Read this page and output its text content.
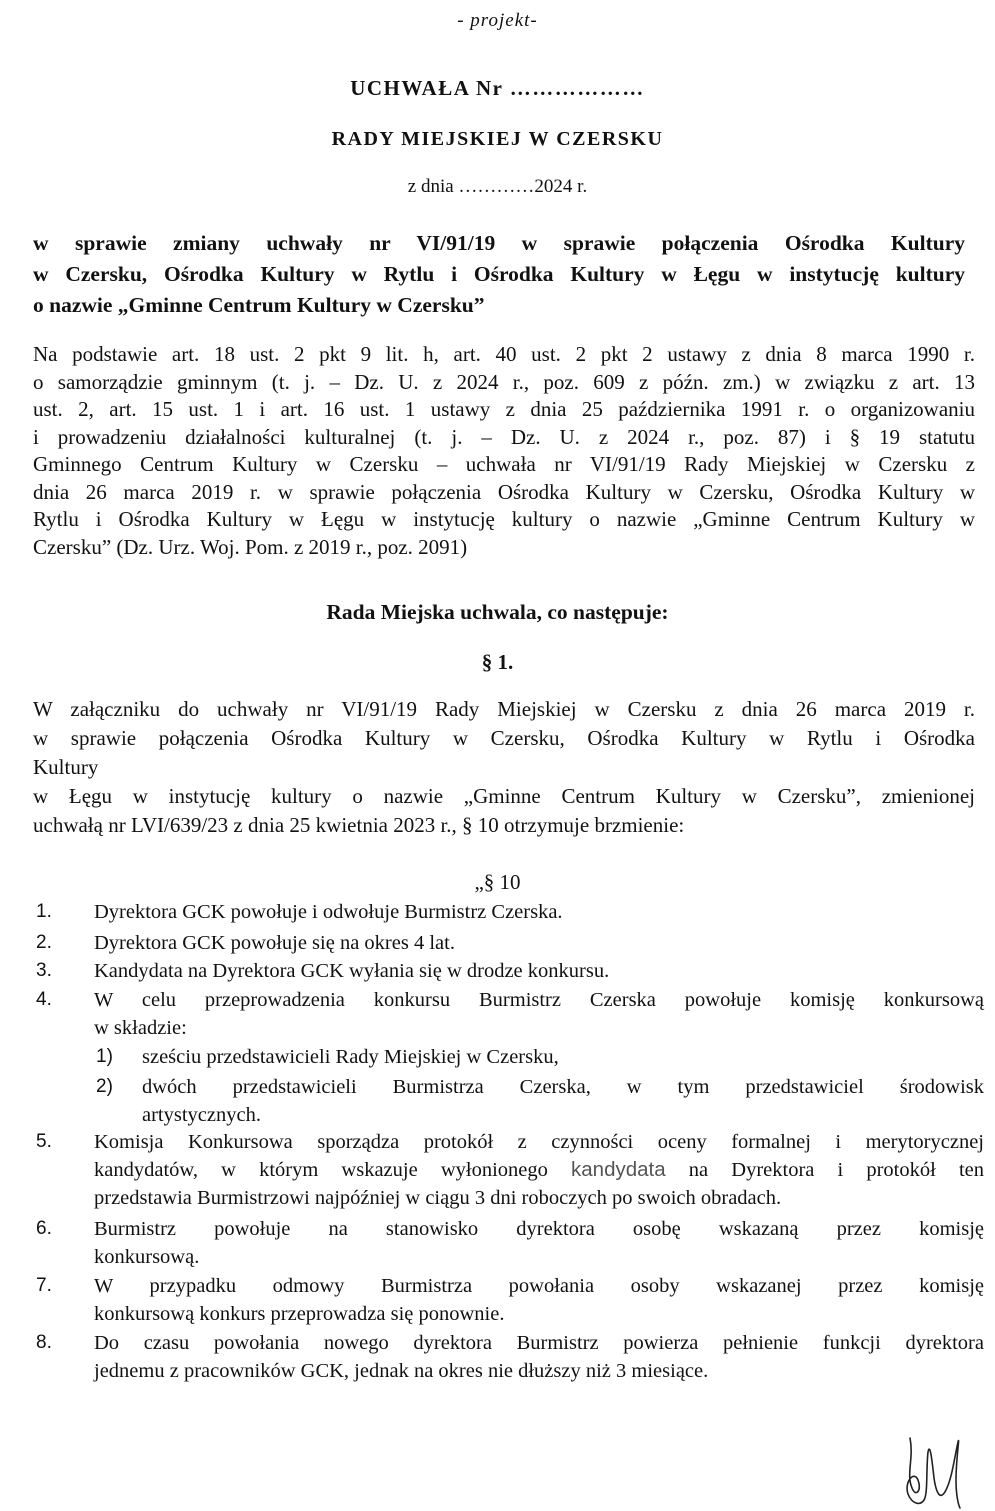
- projekt-
UCHWAŁA Nr ………………
RADY MIEJSKIEJ W CZERSKU
z dnia …………2024 r.
w sprawie zmiany uchwały nr VI/91/19 w sprawie połączenia Ośrodka Kultury
w Czersku, Ośrodka Kultury w Rytlu i Ośrodka Kultury w Łęgu w instytucję kultury
o nazwie „Gminne Centrum Kultury w Czersku”
Na podstawie art. 18 ust. 2 pkt 9 lit. h, art. 40 ust. 2 pkt 2 ustawy z dnia 8 marca 1990 r.
o samorządzie gminnym (t. j. – Dz. U. z 2024 r., poz. 609 z późn. zm.) w związku z art. 13
ust. 2, art. 15 ust. 1 i art. 16 ust. 1 ustawy z dnia 25 października 1991 r. o organizowaniu
i prowadzeniu działalności kulturalnej (t. j. – Dz. U. z 2024 r., poz. 87) i § 19 statutu
Gminnego Centrum Kultury w Czersku – uchwała nr VI/91/19 Rady Miejskiej w Czersku z
dnia 26 marca 2019 r. w sprawie połączenia Ośrodka Kultury w Czersku, Ośrodka Kultury w
Rytlu i Ośrodka Kultury w Łęgu w instytucję kultury o nazwie „Gminne Centrum Kultury w
Czersku” (Dz. Urz. Woj. Pom. z 2019 r., poz. 2091)
Rada Miejska uchwala, co następuje:
§ 1.

W załączniku do uchwały nr VI/91/19 Rady Miejskiej w Czersku z dnia 26 marca 2019 r.

w sprawie połączenia Ośrodka Kultury w Czersku, Ośrodka Kultury w Rytlu i Ośrodka

Kultury

w Łęgu w instytucję kultury o nazwie „Gminne Centrum Kultury w Czersku”, zmienionej

uchwałą nr LVI/639/23 z dnia 25 kwietnia 2023 r., § 10 otrzymuje brzmienie:

„§ 10
1. Dyrektora GCK powołuje i odwołuje Burmistrz Czerska.
2. Dyrektora GCK powołuje się na okres 4 lat.
3. Kandydata na Dyrektora GCK wyłania się w drodze konkursu.
4. W celu przeprowadzenia konkursu Burmistrz Czerska powołuje komisję konkursową
w składzie:
1) sześciu przedstawicieli Rady Miejskiej w Czersku,
2) dwóch przedstawicieli Burmistrza Czerska, w tym przedstawiciel środowisk
artystycznych.
5. Komisja Konkursowa sporządza protokół z czynności oceny formalnej i merytorycznej
kandydatów, w którym wskazuje wyłonionego kandydata na Dyrektora i protokół ten
przedstawia Burmistrzowi najpóźniej w ciągu 3 dni roboczych po swoich obradach.
6. Burmistrz powołuje na stanowisko dyrektora osobę wskazaną przez komisję
konkursową.
7. W przypadku odmowy Burmistrza powołania osoby wskazanej przez komisję
konkursową konkurs przeprowadza się ponownie.
8. Do czasu powołania nowego dyrektora Burmistrz powierza pełnienie funkcji dyrektora
jednemu z pracowników GCK, jednak na okres nie dłuższy niż 3 miesiące.
